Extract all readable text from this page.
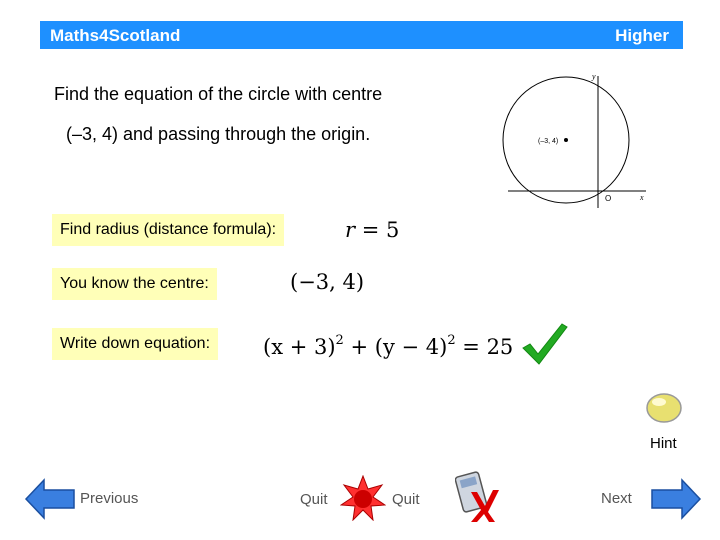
Maths4Scotland	Higher
Find the equation of the circle with centre
(–3, 4) and passing through the origin.	(–3, 4)
y
x
O
Find radius (distance formula):	r = 5
You know the centre:	(−3, 4)
Write down equation:	$(x + 3)^2 + (y - 4)^2 = 25$
Hint
Previous	Quit	Quit	Next
